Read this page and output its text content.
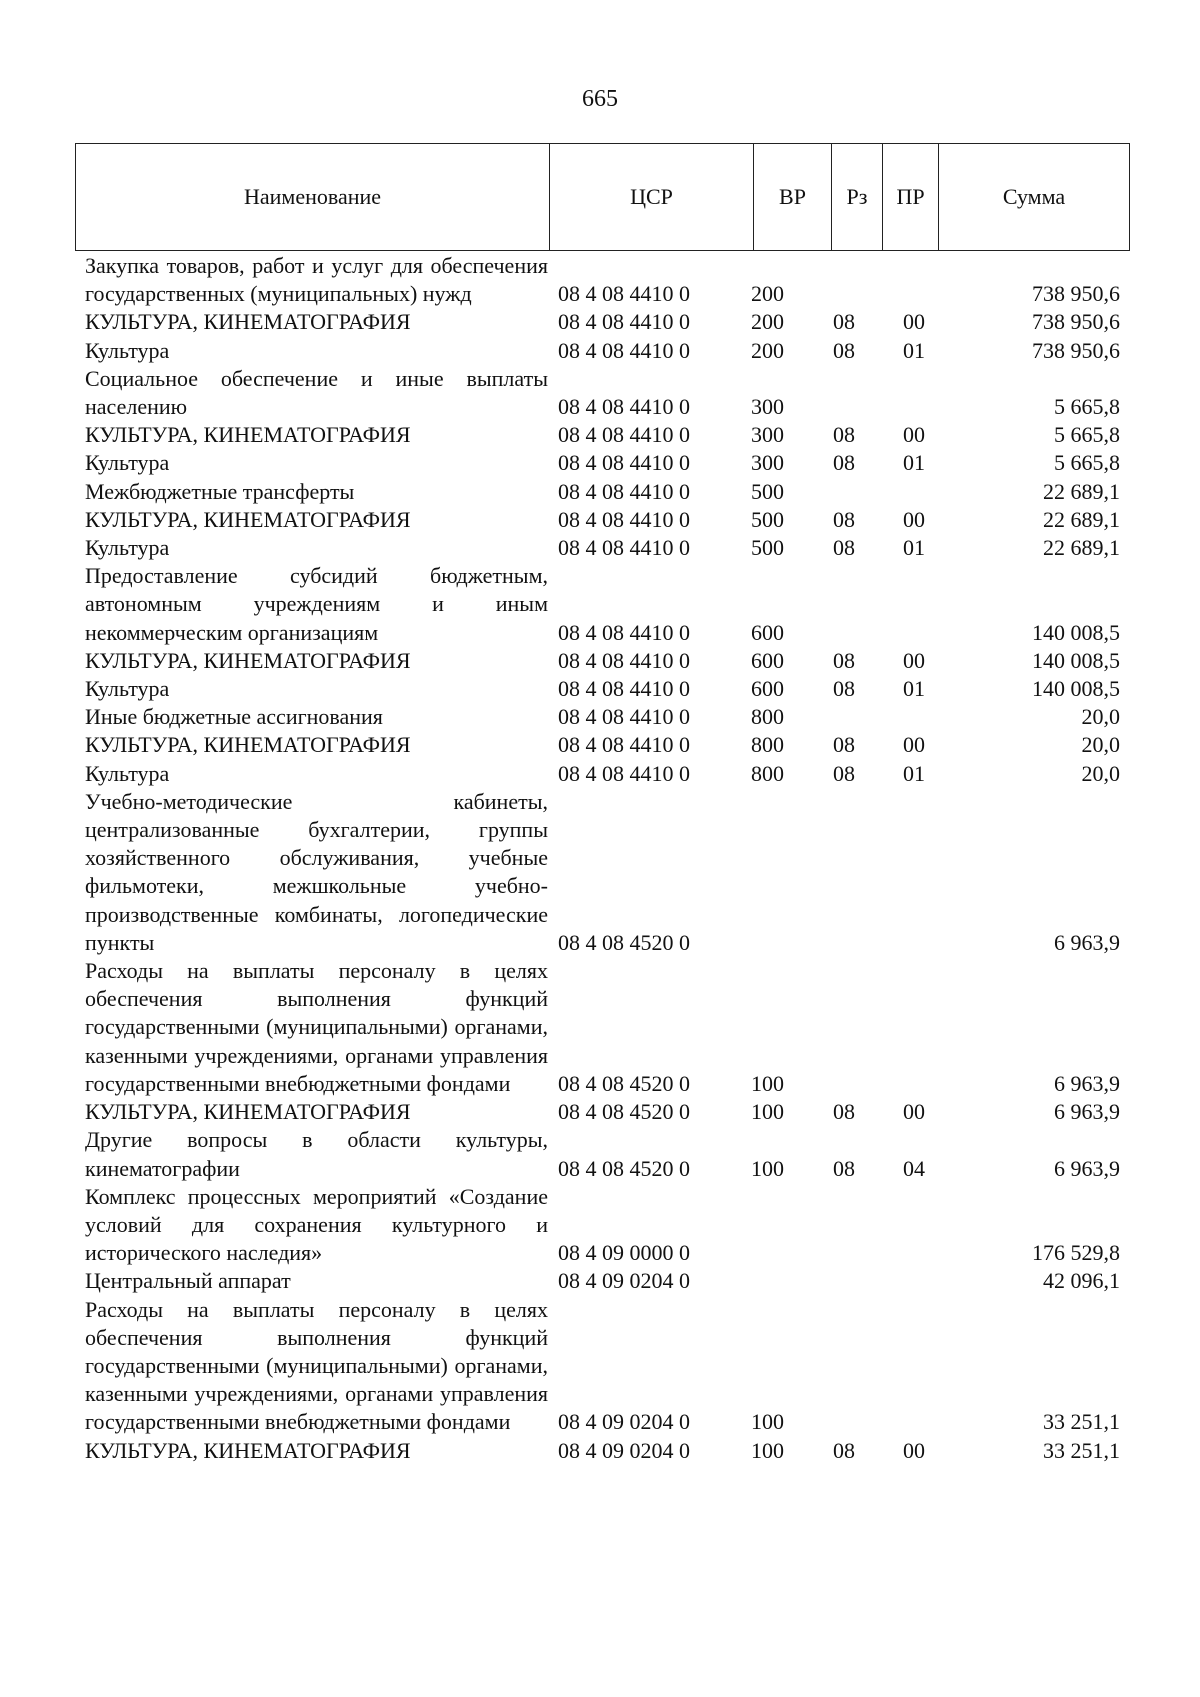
665
Наименование	ЦСР	ВР	Рз	ПР	Сумма
Закупка товаров, работ и услуг для обеспечения государственных (муниципальных) нужд	08 4 08 4410 0	200			738 950,6
КУЛЬТУРА, КИНЕМАТОГРАФИЯ	08 4 08 4410 0	200	08	00	738 950,6
Культура	08 4 08 4410 0	200	08	01	738 950,6
Социальное обеспечение и иные выплаты населению	08 4 08 4410 0	300			5 665,8
КУЛЬТУРА, КИНЕМАТОГРАФИЯ	08 4 08 4410 0	300	08	00	5 665,8
Культура	08 4 08 4410 0	300	08	01	5 665,8
Межбюджетные трансферты	08 4 08 4410 0	500			22 689,1
КУЛЬТУРА, КИНЕМАТОГРАФИЯ	08 4 08 4410 0	500	08	00	22 689,1
Культура	08 4 08 4410 0	500	08	01	22 689,1
Предоставление субсидий бюджетным, автономным учреждениям и иным некоммерческим организациям	08 4 08 4410 0	600			140 008,5
КУЛЬТУРА, КИНЕМАТОГРАФИЯ	08 4 08 4410 0	600	08	00	140 008,5
Культура	08 4 08 4410 0	600	08	01	140 008,5
Иные бюджетные ассигнования	08 4 08 4410 0	800			20,0
КУЛЬТУРА, КИНЕМАТОГРАФИЯ	08 4 08 4410 0	800	08	00	20,0
Культура	08 4 08 4410 0	800	08	01	20,0
Учебно-методические кабинеты, централизованные бухгалтерии, группы хозяйственного обслуживания, учебные фильмотеки, межшкольные учебно-производственные комбинаты, логопедические пункты	08 4 08 4520 0				6 963,9
Расходы на выплаты персоналу в целях обеспечения выполнения функций государственными (муниципальными) органами, казенными учреждениями, органами управления государственными внебюджетными фондами	08 4 08 4520 0	100			6 963,9
КУЛЬТУРА, КИНЕМАТОГРАФИЯ	08 4 08 4520 0	100	08	00	6 963,9
Другие вопросы в области культуры, кинематографии	08 4 08 4520 0	100	08	04	6 963,9
Комплекс процессных мероприятий «Создание условий для сохранения культурного и исторического наследия»	08 4 09 0000 0				176 529,8
Центральный аппарат	08 4 09 0204 0				42 096,1
Расходы на выплаты персоналу в целях обеспечения выполнения функций государственными (муниципальными) органами, казенными учреждениями, органами управления государственными внебюджетными фондами	08 4 09 0204 0	100			33 251,1
КУЛЬТУРА, КИНЕМАТОГРАФИЯ	08 4 09 0204 0	100	08	00	33 251,1
